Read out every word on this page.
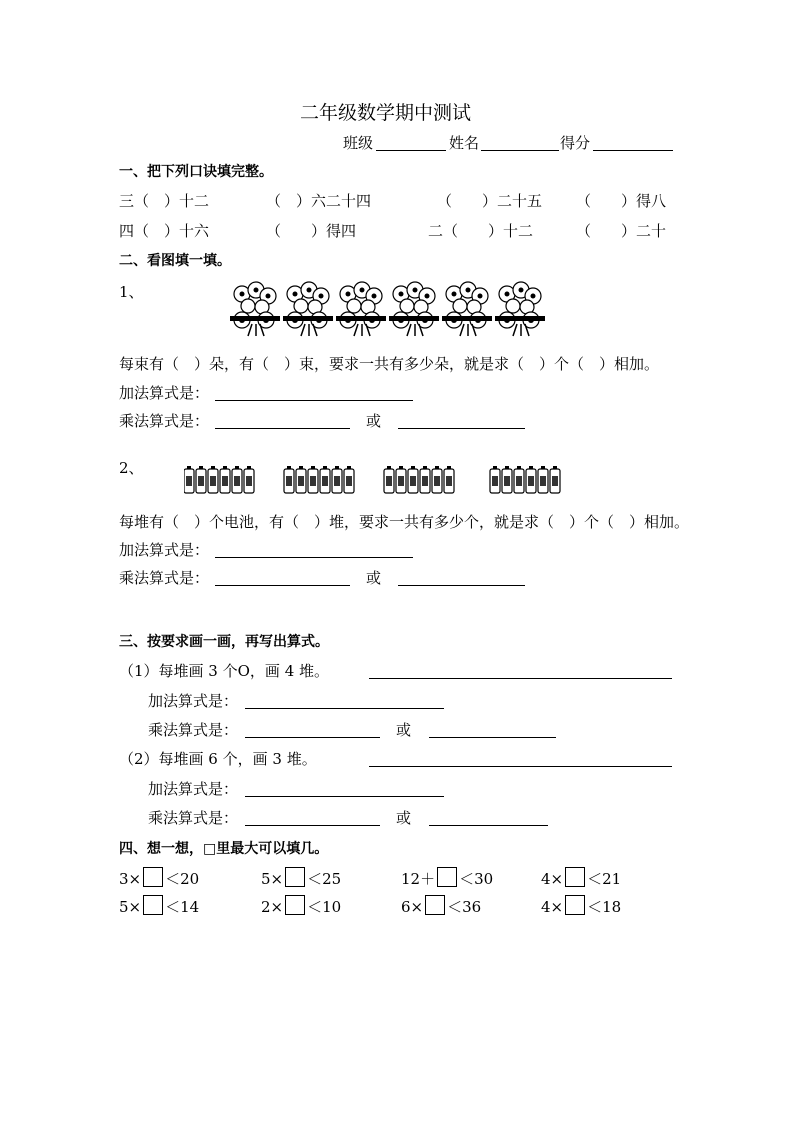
二年级数学期中测试
班级	姓名	得分
一、把下列口诀填完整。
三（　）十二	（　）六二十四	（　　）二十五 （　　）得八
四（　）十六	（　　）得四	二（　　）十二	（　　）二十
二、看图填一填。
1、
每束有（　）朵，有（　）束，要求一共有多少朵，就是求（　）个（　）相加。
加法算式是：
乘法算式是：	或
2、
每堆有（　）个电池，有（　）堆，要求一共有多少个，就是求（　）个（　）相加。
加法算式是：
乘法算式是：	或
三、按要求画一画，再写出算式。
（1）每堆画 3 个O，画 4 堆。
加法算式是：
乘法算式是：	或
（2）每堆画 6 个，画 3 堆。
加法算式是：
乘法算式是：	或
四、想一想，□里最大可以填几。
3× ＜20	5× ＜25	12＋ ＜30	4× ＜21
5× ＜14	2× ＜10	6× ＜36	4× ＜18
